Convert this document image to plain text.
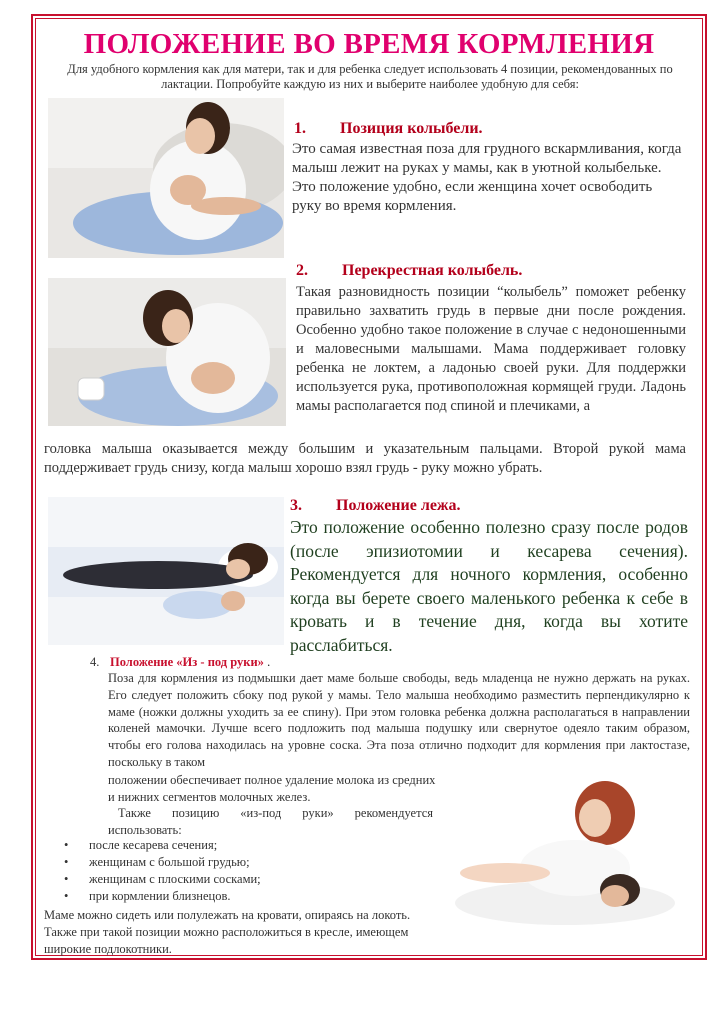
ПОЛОЖЕНИЕ ВО ВРЕМЯ КОРМЛЕНИЯ
Для удобного кормления как для матери, так и для ребенка следует использовать 4 позиции, рекомендованных по лактации. Попробуйте каждую из них и выберите наиболее удобную для себя:
1. Позиция колыбели.
Это самая известная поза для грудного вскармливания, когда малыш лежит на руках у мамы, как в уютной колыбельке. Это положение удобно, если женщина хочет освободить руку во время кормления.
2. Перекрестная колыбель.
Такая разновидность позиции “колыбель” поможет ребенку правильно захватить грудь в первые дни после рождения. Особенно удобно такое положение в случае с недоношенными и маловесными малышами. Мама поддерживает головку ребенка не локтем, а ладонью своей руки. Для поддержки используется рука, противоположная кормящей груди. Ладонь мамы располагается под спиной и плечиками, а
головка малыша оказывается между большим и указательным пальцами. Второй рукой мама поддерживает грудь снизу, когда малыш хорошо взял грудь - руку можно убрать.
3. Положение лежа.
Это положение особенно полезно сразу после родов (после эпизиотомии и кесарева сечения). Рекомендуется для ночного кормления, особенно когда вы берете своего маленького ребенка к себе в кровать и в течение дня, когда вы хотите расслабиться.
4. Положение «Из - под руки» .
Поза для кормления из подмышки дает маме больше свободы, ведь младенца не нужно держать на руках. Его следует положить сбоку под рукой у мамы. Тело малыша необходимо разместить перпендикулярно к маме (ножки должны уходить за ее спину). При этом головка ребенка должна располагаться в направлении коленей мамочки. Лучше всего подложить под малыша подушку или свернутое одеяло таким образом, чтобы его голова находилась на уровне соска. Эта поза отлично подходит для кормления при лактостазе, поскольку в таком
положении обеспечивает полное удаление молока из средних и нижних сегментов молочных желез.
Также позицию «из-под руки» рекомендуется использовать:
• после кесарева сечения;
• женщинам с большой грудью;
• женщинам с плоскими сосками;
• при кормлении близнецов.
Маме можно сидеть или полулежать на кровати, опираясь на локоть. Также при такой позиции можно расположиться в кресле, имеющем широкие подлокотники.
